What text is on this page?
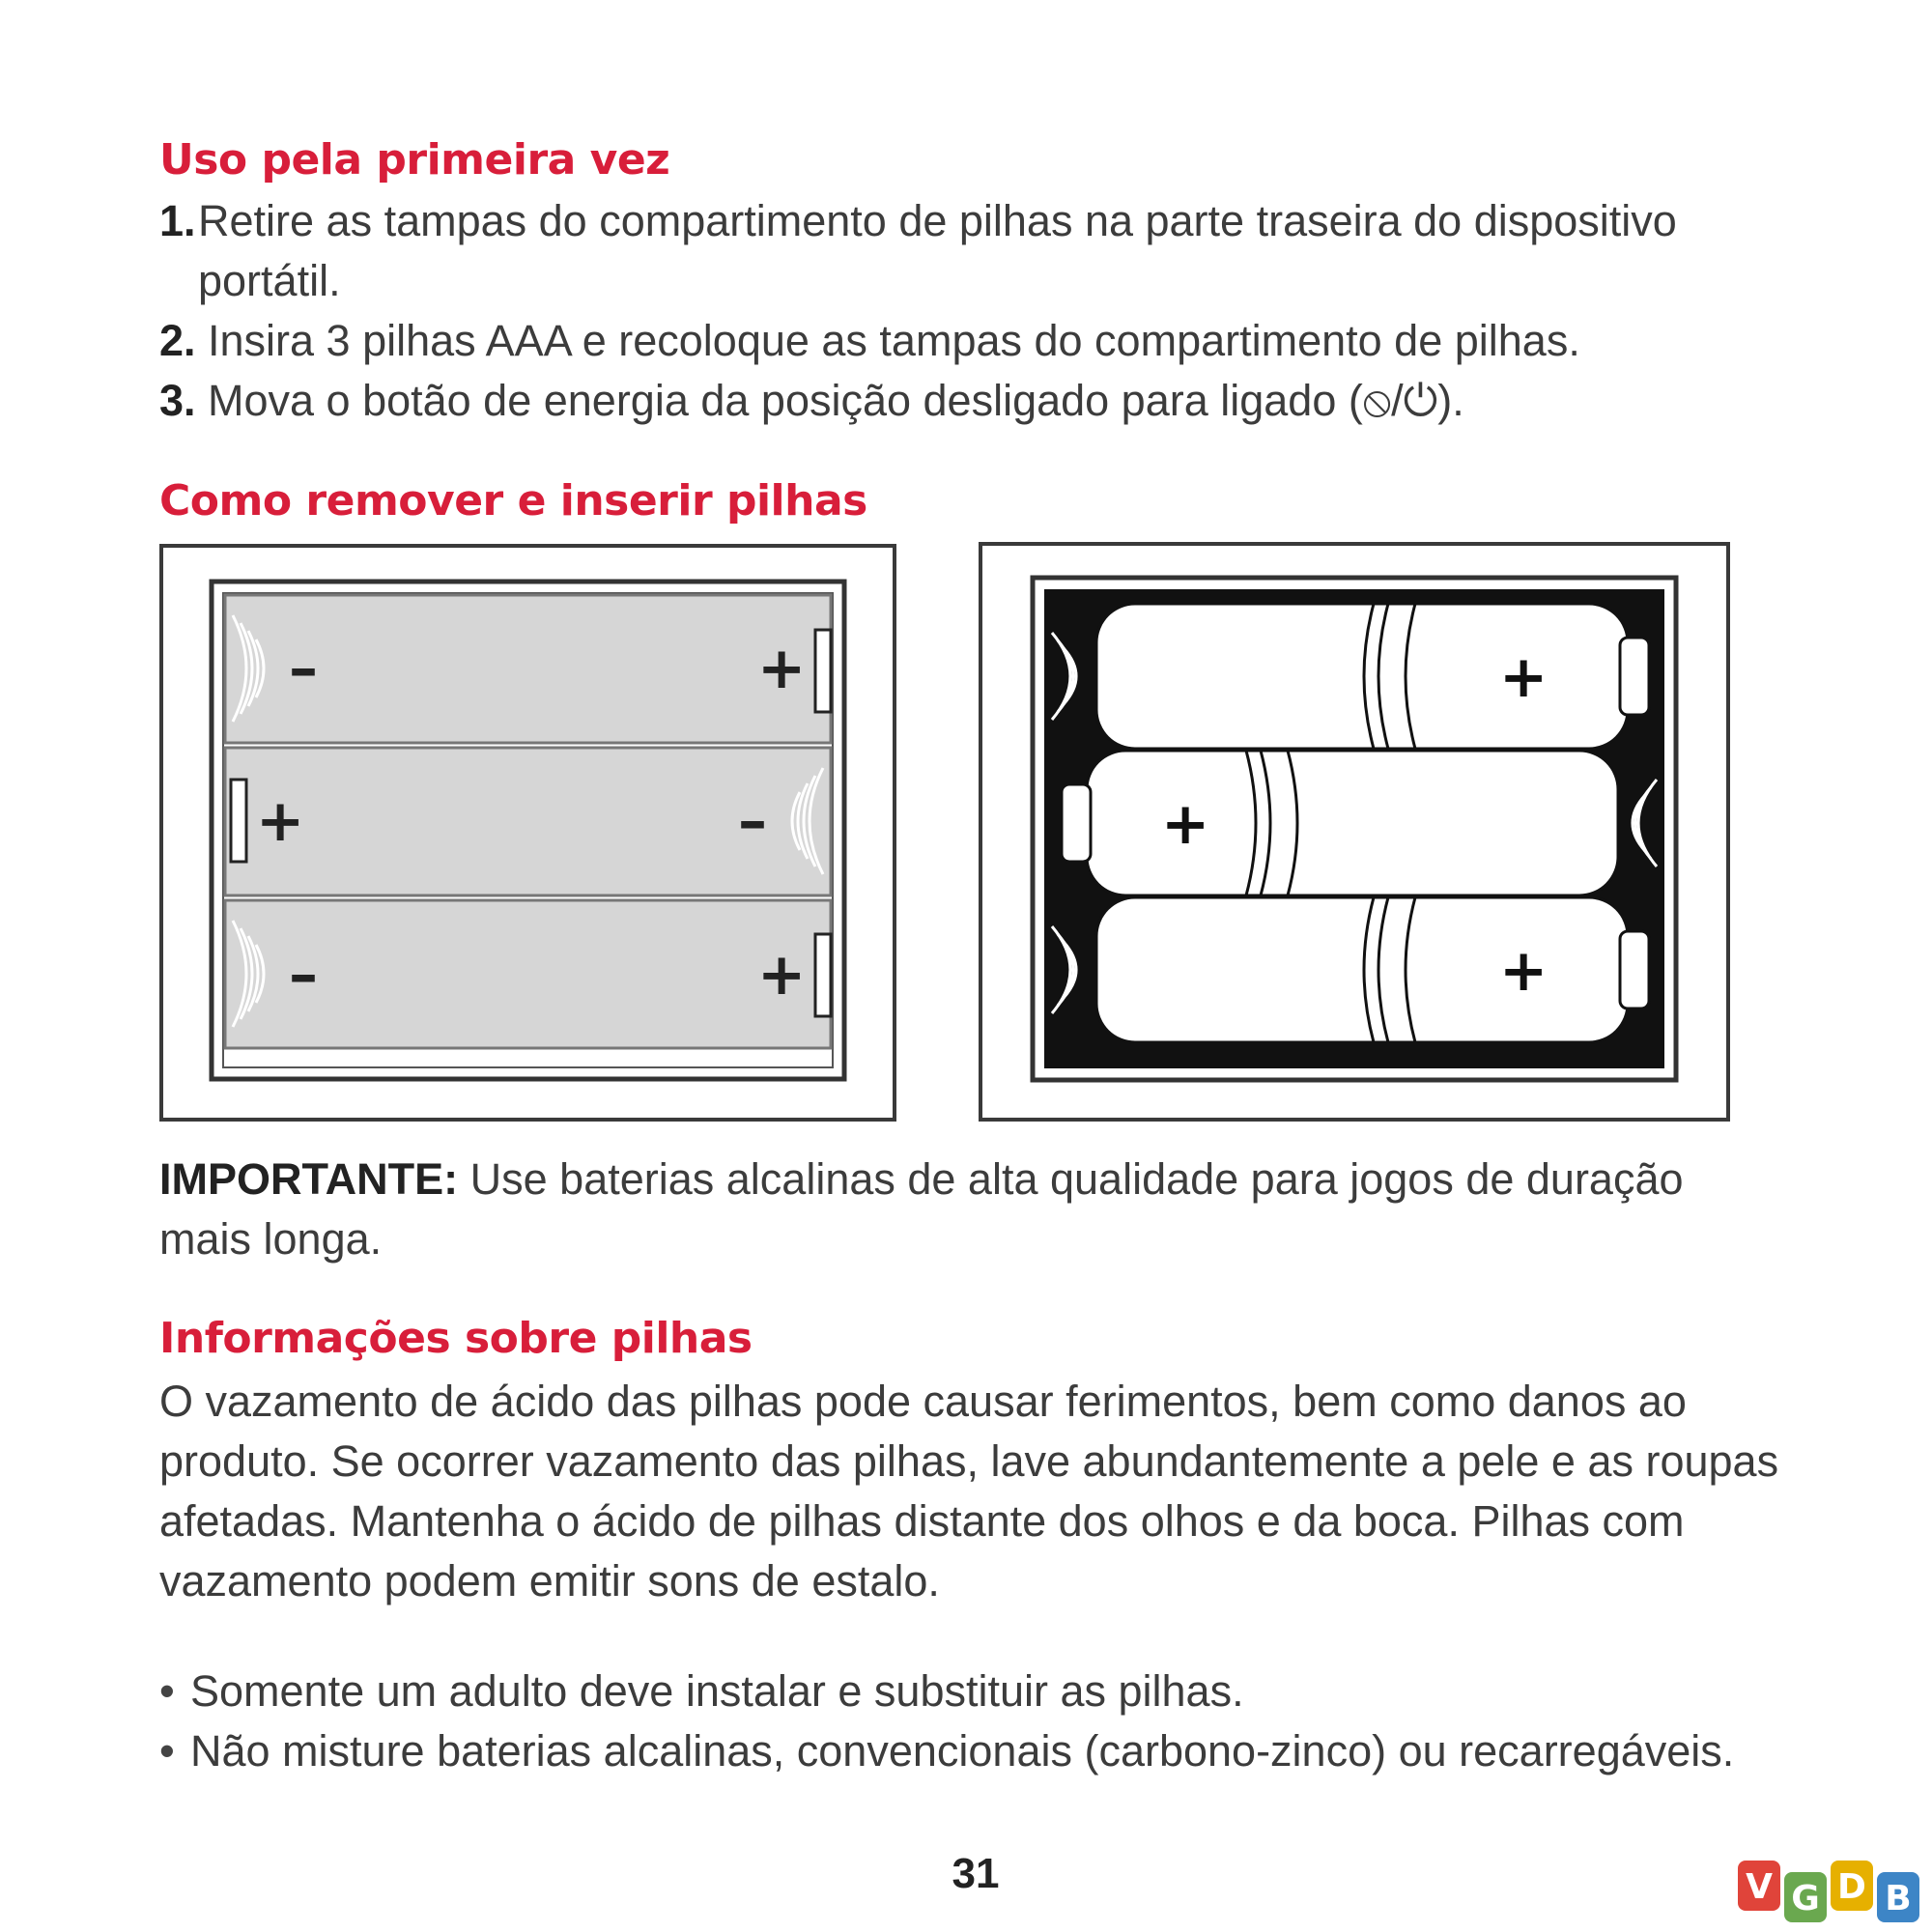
Uso pela primeira vez
1. Retire as tampas do compartimento de pilhas na parte traseira do dispositivo portátil.
2. Insira 3 pilhas AAA e recoloque as tampas do compartimento de pilhas.
3. Mova o botão de energia da posição desligado para ligado (⦸/⏻).
Como remover e inserir pilhas
–	+
+	–
–	+
+
+
+

IMPORTANTE: Use baterias alcalinas de alta qualidade para jogos de duração mais longa.

Informações sobre pilhas

O vazamento de ácido das pilhas pode causar ferimentos, bem como danos ao produto. Se ocorrer vazamento das pilhas, lave abundantemente a pele e as roupas afetadas. Mantenha o ácido de pilhas distante dos olhos e da boca. Pilhas com vazamento podem emitir sons de estalo.

• Somente um adulto deve instalar e substituir as pilhas.
• Não misture baterias alcalinas, convencionais (carbono-zinco) ou recarregáveis.
31	V G D B
